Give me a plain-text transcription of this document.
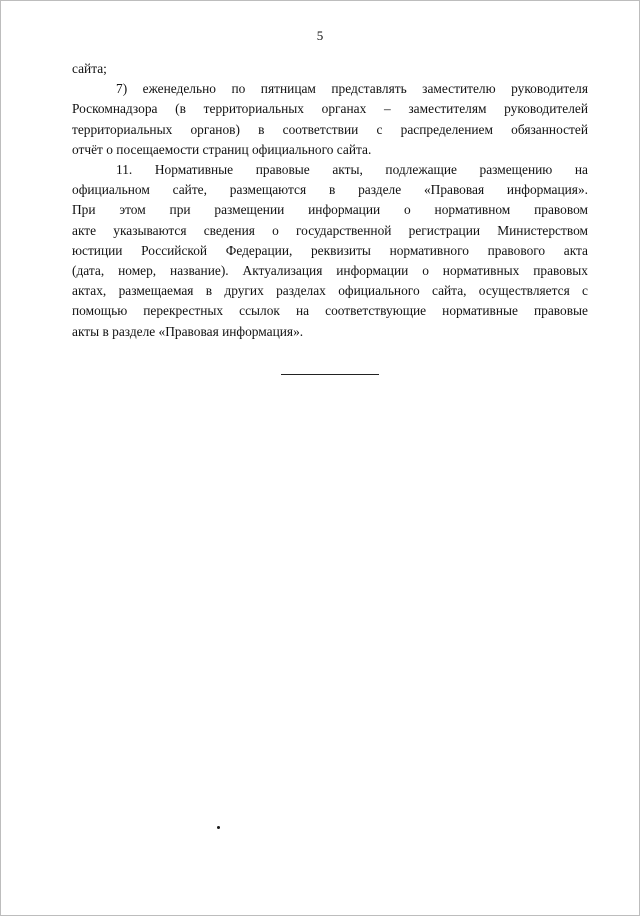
5

сайта;

7) еженедельно по пятницам представлять заместителю руководителя
Роскомнадзора (в территориальных органах – заместителям руководителей
территориальных органов) в соответствии с распределением обязанностей
отчёт о посещаемости страниц официального сайта.

11. Нормативные правовые акты, подлежащие размещению на
официальном сайте, размещаются в разделе «Правовая информация».
При этом при размещении информации о нормативном правовом
акте указываются сведения о государственной регистрации Министерством
юстиции Российской Федерации, реквизиты нормативного правового акта
(дата, номер, название). Актуализация информации о нормативных правовых
актах, размещаемая в других разделах официального сайта, осуществляется с
помощью перекрестных ссылок на соответствующие нормативные правовые
акты в разделе «Правовая информация».
